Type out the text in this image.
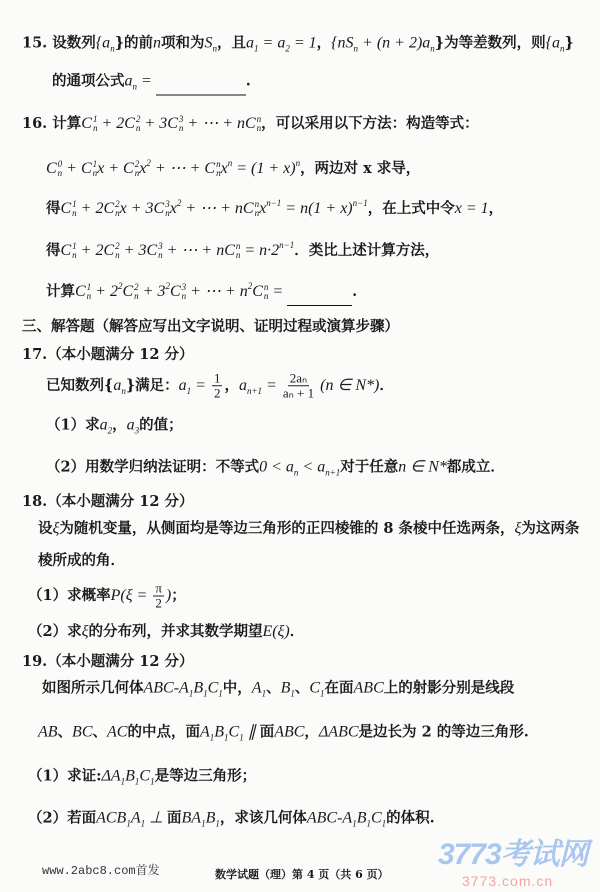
15. 设数列$\{a_n\}$的前n项和为$S_n$，且$a_1 = a_2 = 1$，$\{nS_n + (n + 2)a_n\}$为等差数列，则$\{a_n\}$
的通项公式$a_n$ =	.
16. 计算C 1
n + 2C 2
n + 3C 3
n + ⋯ + nC n
n ，可以采用以下方法：构造等式：
C 0
n + C 1
n x + C 2
n $x^2$ + ⋯ + C n
n $x^n = (1 + x)^n$，两边对 x 求导，
得C 1
n + 2C 2
n x + 3C 3
n $x^2$ + ⋯ + nC n
n $x^{n-1} = n(1 + x)^{n-1}$，在上式中令x = 1，
得C 1
n + 2C 2
n + 3C 3
n + ⋯ + nC n
$n = n\cdot 2^{n-1}$．类比上述计算方法，
计算C 1
$n + 2^2C$ 2
$n + 3^2C$ 3
n + ⋯ + $n^2C$ n
n =	.
三、解答题（解答应写出文字说明、证明过程或演算步骤）
17.（本小题满分 12 分）
已知数列$\{a_n\}$满足：$a_1 = \frac{1}{2}$ ，$a_{n+1} = \frac{\text{2aₙ}}{\text{aₙ + 1}} (n$ ∈ N*)．
（1）求$a_2$，$a_3$的值；
（2）用数学归纳法证明：不等式$0 < a_n < a_{n+1}$对于任意n ∈ N*都成立．
18.（本小题满分 12 分）
设ξ为随机变量，从侧面均是等边三角形的正四棱锥的 8 条棱中任选两条，ξ为这两条
棱所成的角．
（1）求概率$P(\xi = \frac{\pi}{2}$ )；
（2）求ξ的分布列，并求其数学期望E(ξ)．
19.（本小题满分 12 分）
如图所示几何体ABC-$A_1B_1C_1$中，$A_1$、$B_1$、$C_1$在面ABC上的射影分别是线段
AB、BC、AC的中点，面$A_1B_1C_1$ ∥ 面ABC，ΔABC是边长为 2 的等边三角形.
（1）求证$:\Delta A_1B_1C_1$是等边三角形；
（2）若面$ACB_1A_1$ ⊥ 面$BA_1B_1$，求该几何体ABC-$A_1B_1C_1$的体积.
www.2abc8.com首发	数学试题（理）第 4 页（共 6 页）
3773考试网
3773.com.cn
